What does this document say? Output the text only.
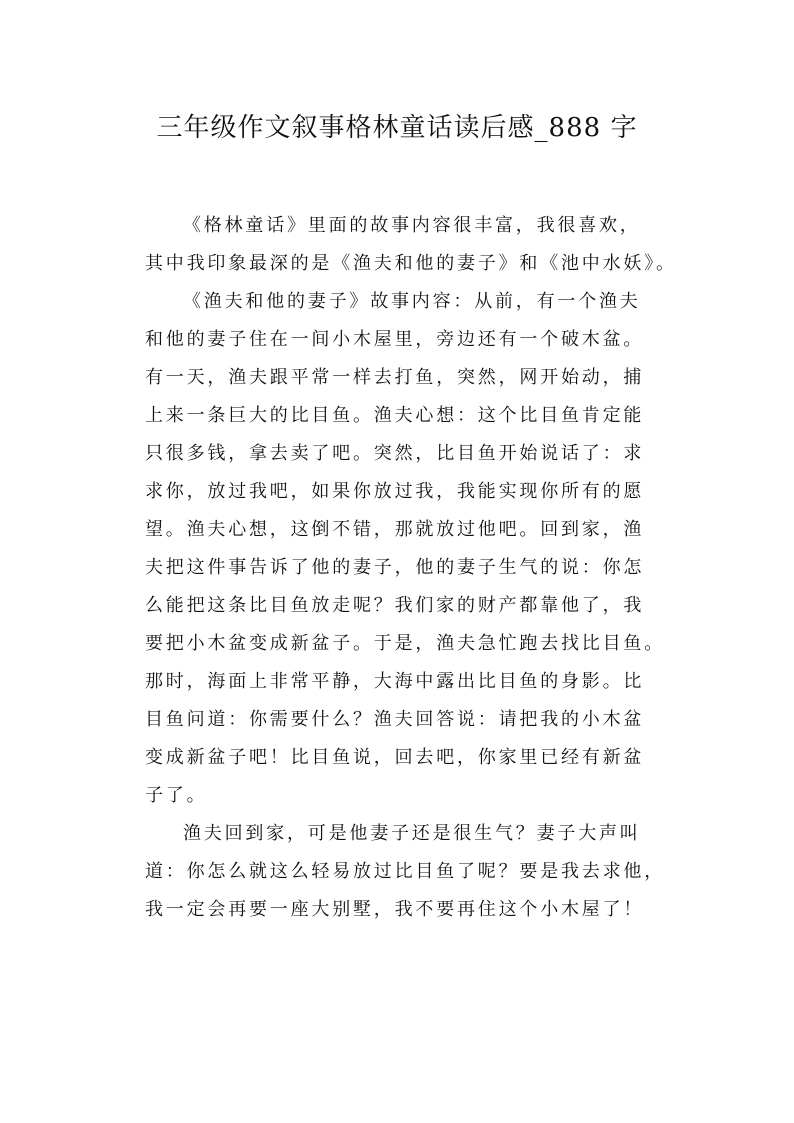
三年级作文叙事格林童话读后感_888 字
《格林童话》里面的故事内容很丰富，我很喜欢，
其中我印象最深的是《渔夫和他的妻子》和《池中水妖》。
《渔夫和他的妻子》故事内容：从前，有一个渔夫
和他的妻子住在一间小木屋里，旁边还有一个破木盆。
有一天，渔夫跟平常一样去打鱼，突然，网开始动，捕
上来一条巨大的比目鱼。渔夫心想：这个比目鱼肯定能
只很多钱，拿去卖了吧。突然，比目鱼开始说话了：求
求你，放过我吧，如果你放过我，我能实现你所有的愿
望。渔夫心想，这倒不错，那就放过他吧。回到家，渔
夫把这件事告诉了他的妻子，他的妻子生气的说：你怎
么能把这条比目鱼放走呢？我们家的财产都靠他了，我
要把小木盆变成新盆子。于是，渔夫急忙跑去找比目鱼。
那时，海面上非常平静，大海中露出比目鱼的身影。比
目鱼问道：你需要什么？渔夫回答说：请把我的小木盆
变成新盆子吧！比目鱼说，回去吧，你家里已经有新盆
子了。
渔夫回到家，可是他妻子还是很生气？妻子大声叫
道：你怎么就这么轻易放过比目鱼了呢？要是我去求他，
我一定会再要一座大别墅，我不要再住这个小木屋了！
